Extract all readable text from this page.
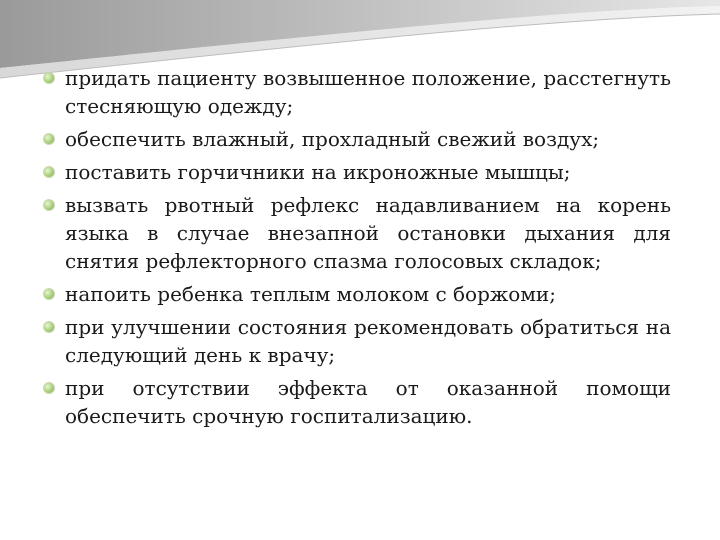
придать пациенту возвышенное положение, расстегнуть стесняющую одежду;
обеспечить влажный, прохладный свежий воздух;
поставить горчичники на икроножные мышцы;
вызвать рвотный рефлекс надавливанием на корень языка в случае внезапной остановки дыхания для снятия рефлекторного спазма голосовых складок;
напоить ребенка теплым молоком с боржоми;
при улучшении состояния рекомендовать обратиться на следующий день к врачу;
при отсутствии эффекта от оказанной помощи обеспечить срочную госпитализацию.
